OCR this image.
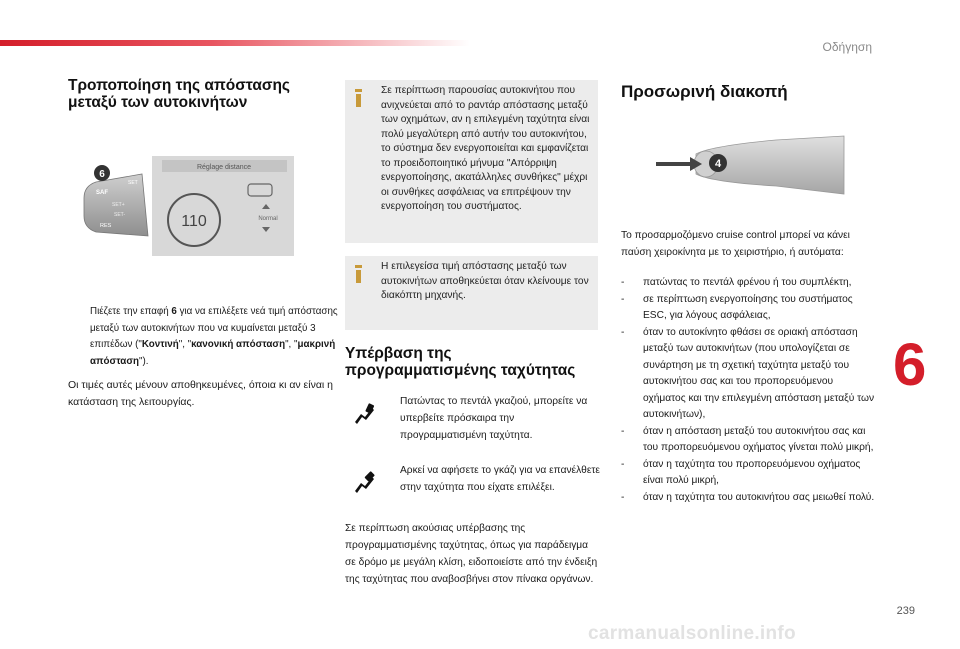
Οδήγηση
6
Τροποποίηση της απόστασης μεταξύ των αυτοκινήτων
SAF
SET+
SET-
RES
SET
6
Réglage distance
110	Normal
Πιέζετε την επαφή 6 για να επιλέξετε νεά τιμή απόστασης μεταξύ των αυτοκινήτων που να κυμαίνεται μεταξύ 3 επιπέδων ("Κοντινή", "κανονική απόσταση", "μακρινή απόσταση").

Οι τιμές αυτές μένουν αποθηκευμένες, όποια κι αν είναι η κατάσταση της λειτουργίας.

Σε περίπτωση παρουσίας αυτοκινήτου που ανιχνεύεται από το ραντάρ απόστασης μεταξύ των οχημάτων, αν η επιλεγμένη ταχύτητα είναι πολύ μεγαλύτερη από αυτήν του αυτοκινήτου, το σύστημα δεν ενεργοποιείται και εμφανίζεται το προειδοποιητικό μήνυμα "Απόρριψη ενεργοποίησης, ακατάλληλες συνθήκες" μέχρι οι συνθήκες ασφάλειας να επιτρέψουν την ενεργοποίηση του συστήματος.

Η επιλεγείσα τιμή απόστασης μεταξύ των αυτοκινήτων αποθηκεύεται όταν κλείνουμε τον διακόπτη μηχανής.

Υπέρβαση της προγραμματισμένης ταχύτητας

Πατώντας το πεντάλ γκαζιού, μπορείτε να υπερβείτε πρόσκαιρα την προγραμματισμένη ταχύτητα.

Αρκεί να αφήσετε το γκάζι για να επανέλθετε στην ταχύτητα που είχατε επιλέξει.

Σε περίπτωση ακούσιας υπέρβασης της προγραμματισμένης ταχύτητας, όπως για παράδειγμα σε δρόμο με μεγάλη κλίση, ειδοποιείστε από την ένδειξη της ταχύτητας που αναβοσβήνει στον πίνακα οργάνων.

Προσωρινή διακοπή
4

Το προσαρμοζόμενο cruise control μπορεί να κάνει παύση χειροκίνητα με το χειριστήριο, ή αυτόματα:

- πατώντας το πεντάλ φρένου ή του συμπλέκτη,
- σε περίπτωση ενεργοποίησης του συστήματος ESC, για λόγους ασφάλειας,
- όταν το αυτοκίνητο φθάσει σε οριακή απόσταση μεταξύ των αυτοκινήτων (που υπολογίζεται σε συνάρτηση με τη σχετική ταχύτητα μεταξύ του αυτοκινήτου σας και του προπορευόμενου οχήματος και την επιλεγμένη απόσταση μεταξύ των αυτοκινήτων),
- όταν η απόσταση μεταξύ του αυτοκινήτου σας και του προπορευόμενου οχήματος γίνεται πολύ μικρή,
- όταν η ταχύτητα του προπορευόμενου οχήματος είναι πολύ μικρή,
- όταν η ταχύτητα του αυτοκινήτου σας μειωθεί πολύ.
239
carmanualsonline.info
